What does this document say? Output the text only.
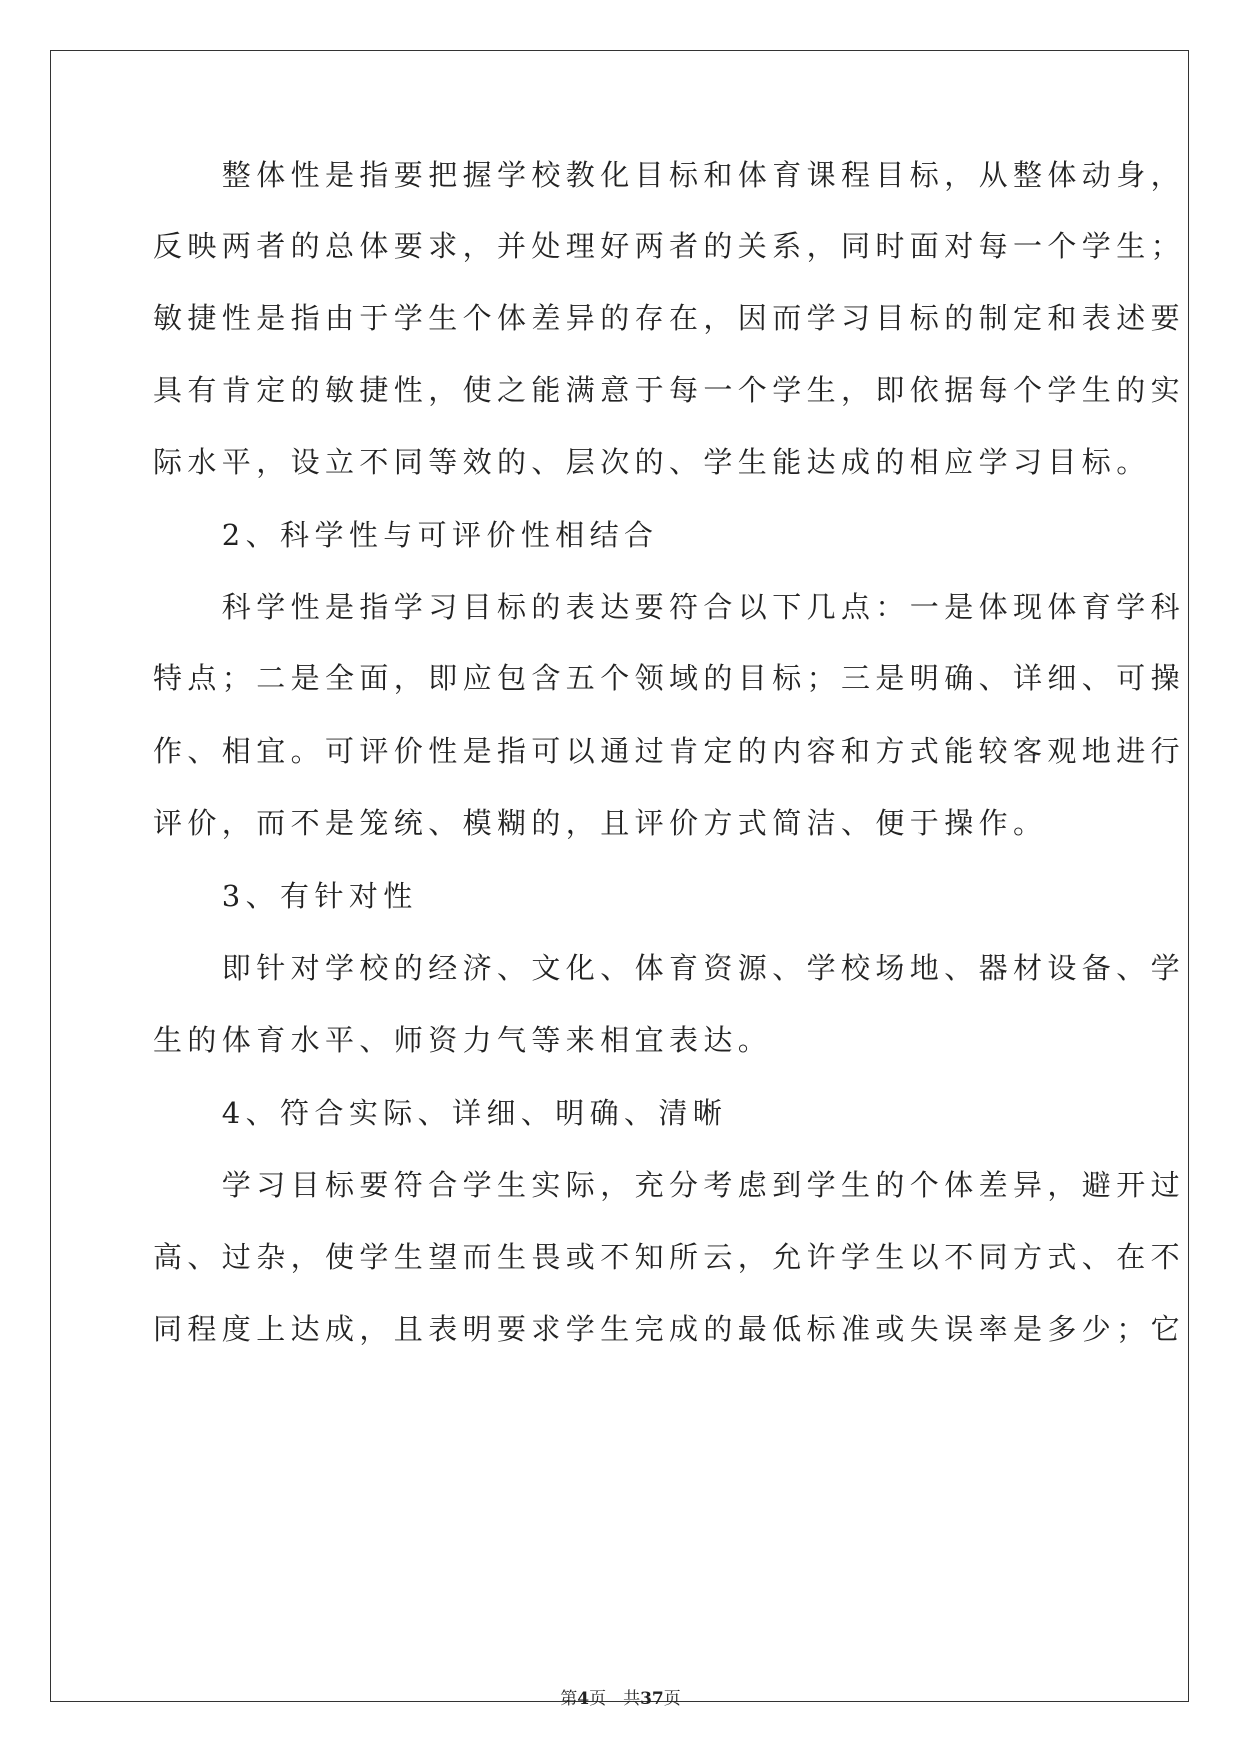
　　整体性是指要把握学校教化目标和体育课程目标，从整体动身，
反映两者的总体要求，并处理好两者的关系，同时面对每一个学生；
敏捷性是指由于学生个体差异的存在，因而学习目标的制定和表述要
具有肯定的敏捷性，使之能满意于每一个学生，即依据每个学生的实
际水平，设立不同等效的、层次的、学生能达成的相应学习目标。
　　2、科学性与可评价性相结合
　　科学性是指学习目标的表达要符合以下几点：一是体现体育学科
特点；二是全面，即应包含五个领域的目标；三是明确、详细、可操
作、相宜。可评价性是指可以通过肯定的内容和方式能较客观地进行
评价，而不是笼统、模糊的，且评价方式简洁、便于操作。
　　3、有针对性
　　即针对学校的经济、文化、体育资源、学校场地、器材设备、学
生的体育水平、师资力气等来相宜表达。
　　4、符合实际、详细、明确、清晰
　　学习目标要符合学生实际，充分考虑到学生的个体差异，避开过
高、过杂，使学生望而生畏或不知所云，允许学生以不同方式、在不
同程度上达成，且表明要求学生完成的最低标准或失误率是多少；它
第4页　共37页
